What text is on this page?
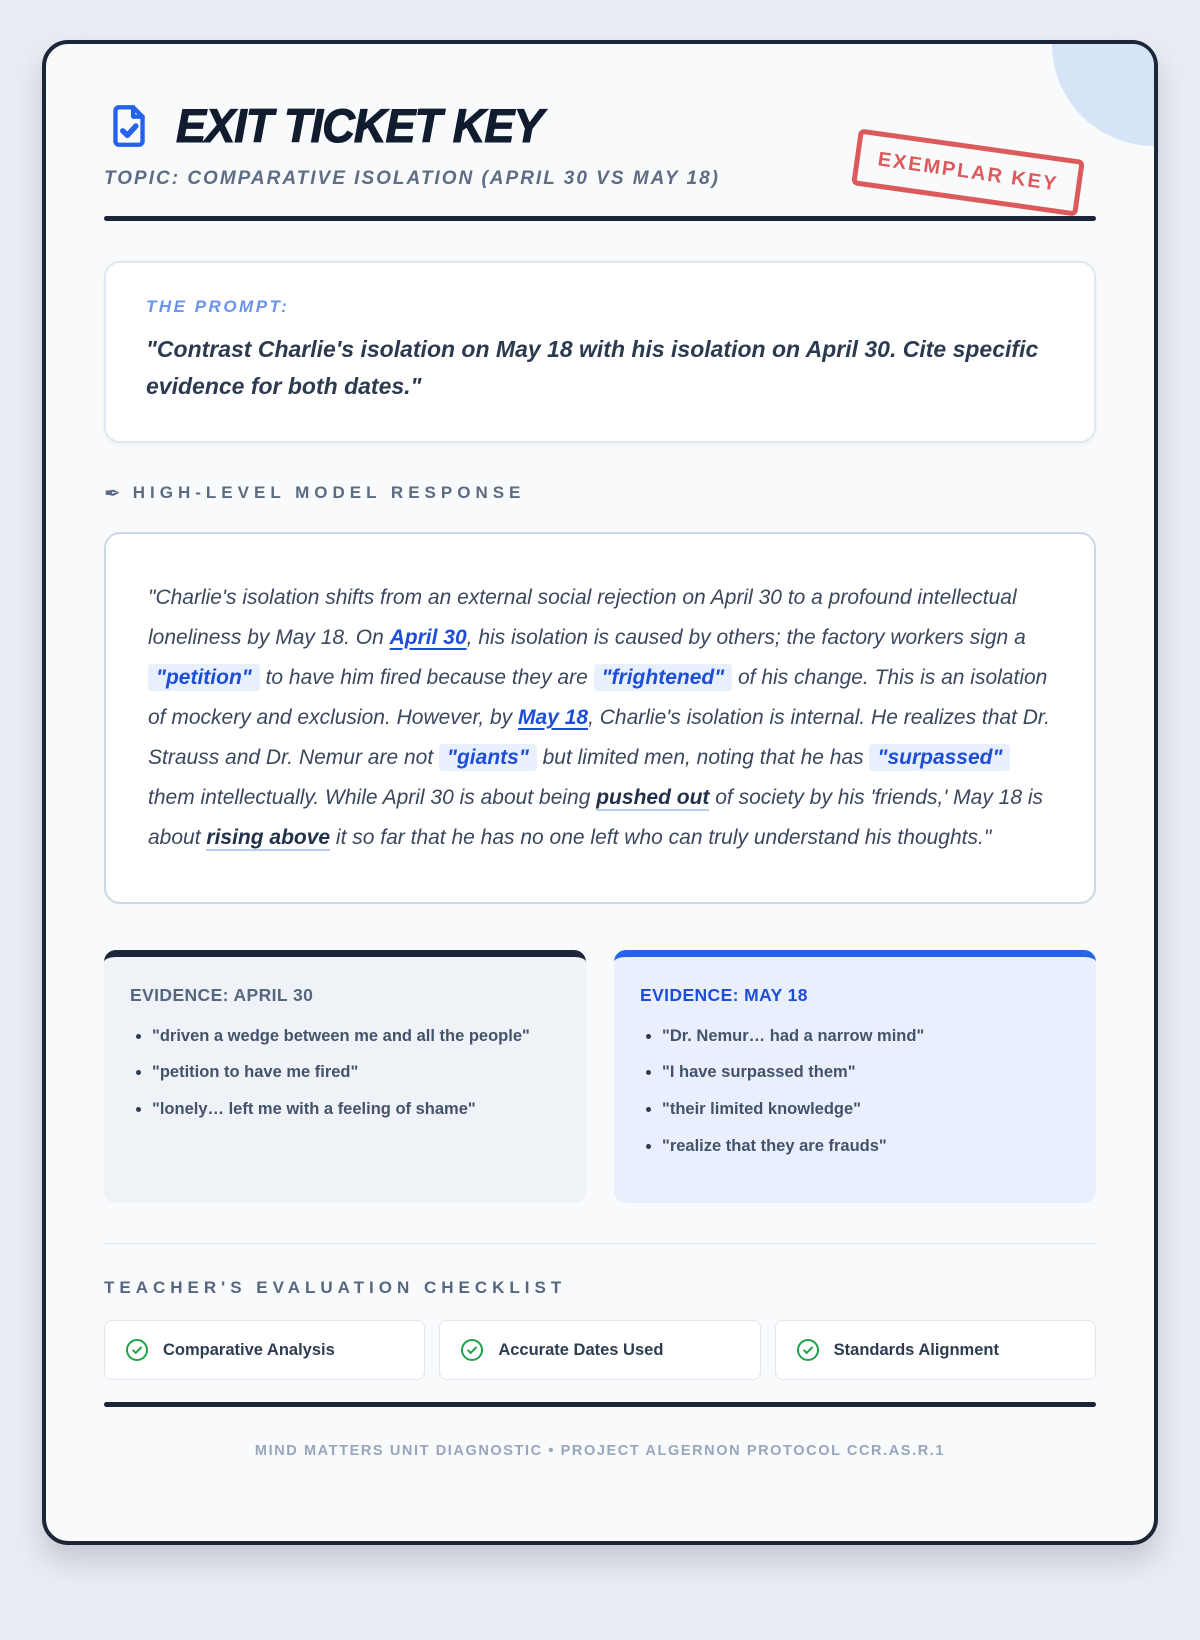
EXIT TICKET KEY
EXEMPLAR KEY
TOPIC: COMPARATIVE ISOLATION (APRIL 30 VS MAY 18)
THE PROMPT:
"Contrast Charlie's isolation on May 18 with his isolation on April 30. Cite specific evidence for both dates."
✒ HIGH-LEVEL MODEL RESPONSE

"Charlie's isolation shifts from an external social rejection on April 30 to a profound intellectual loneliness by May 18. On April 30, his isolation is caused by others; the factory workers sign a "petition" to have him fired because they are "frightened" of his change. This is an isolation of mockery and exclusion. However, by May 18, Charlie's isolation is internal. He realizes that Dr. Strauss and Dr. Nemur are not "giants" but limited men, noting that he has "surpassed" them intellectually. While April 30 is about being pushed out of society by his 'friends,' May 18 is about rising above it so far that he has no one left who can truly understand his thoughts."

EVIDENCE: APRIL 30
• "driven a wedge between me and all the people"
• "petition to have me fired"
• "lonely… left me with a feeling of shame"
EVIDENCE: MAY 18
• "Dr. Nemur… had a narrow mind"
• "I have surpassed them"
• "their limited knowledge"
• "realize that they are frauds"
TEACHER'S EVALUATION CHECKLIST
Comparative Analysis	Accurate Dates Used	Standards Alignment
MIND MATTERS UNIT DIAGNOSTIC • PROJECT ALGERNON PROTOCOL CCR.AS.R.1
